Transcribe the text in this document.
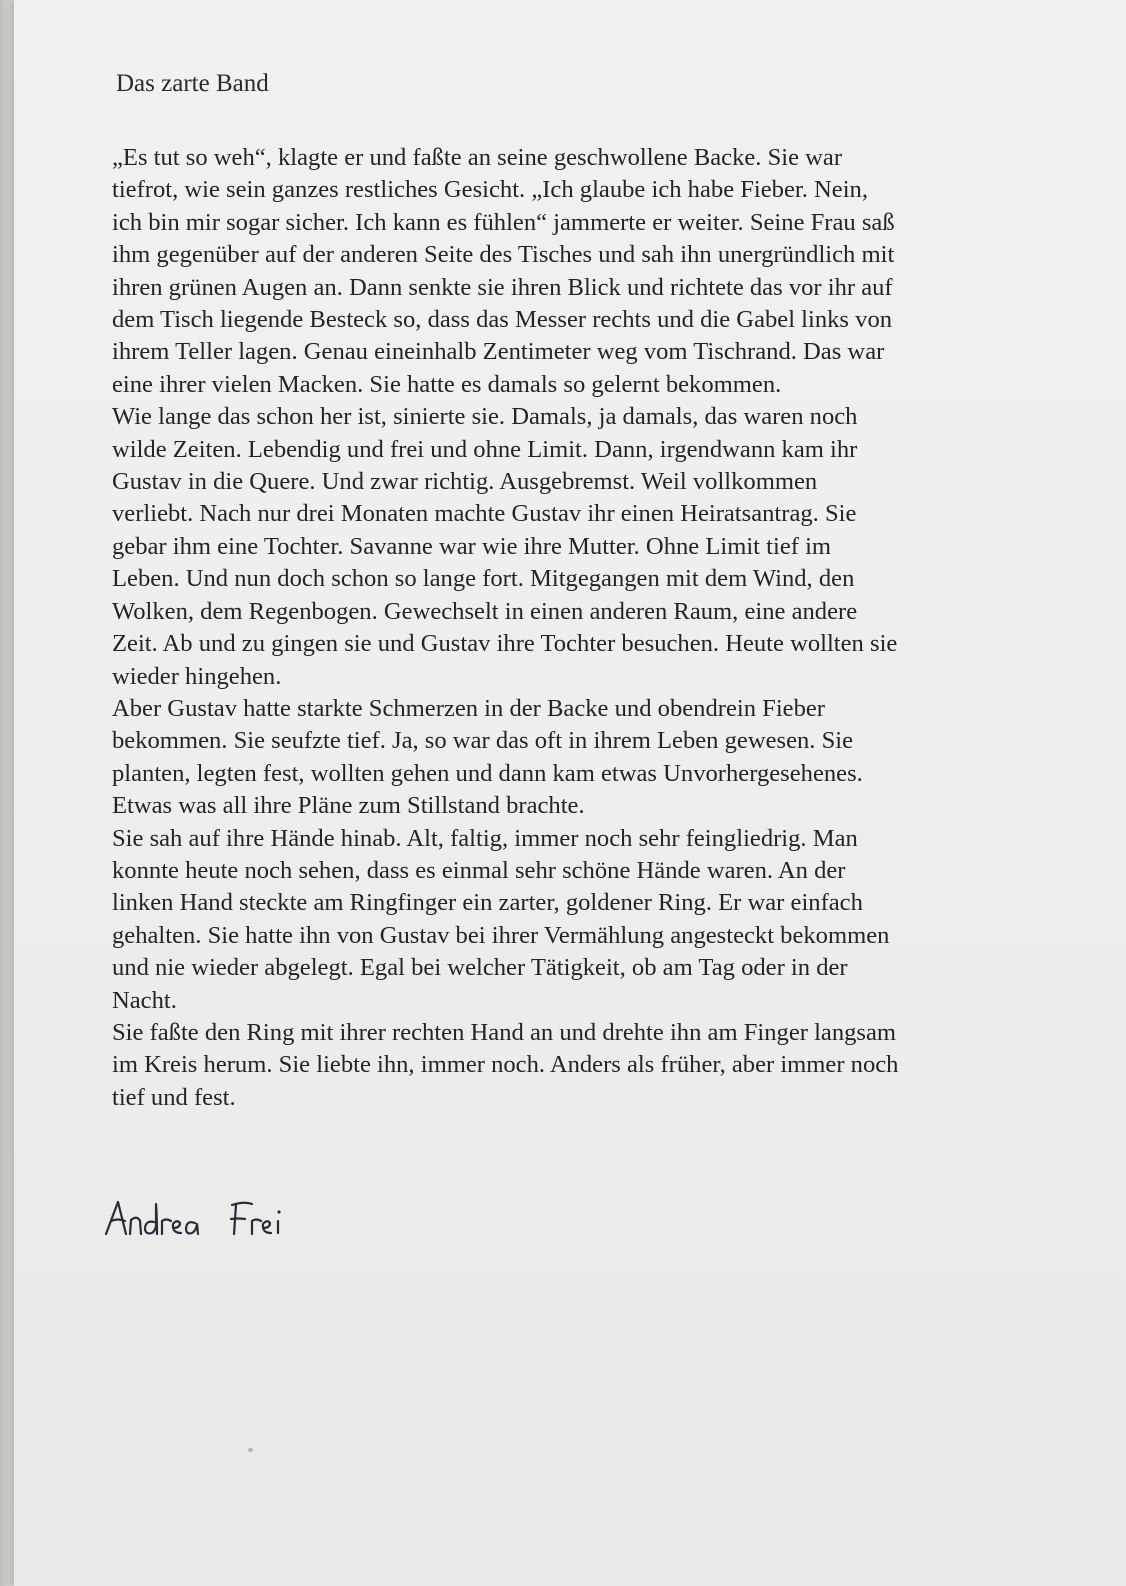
Das zarte Band
„Es tut so weh“, klagte er und faßte an seine geschwollene Backe. Sie war
tiefrot, wie sein ganzes restliches Gesicht. „Ich glaube ich habe Fieber. Nein,
ich bin mir sogar sicher. Ich kann es fühlen“ jammerte er weiter. Seine Frau saß
ihm gegenüber auf der anderen Seite des Tisches und sah ihn unergründlich mit
ihren grünen Augen an. Dann senkte sie ihren Blick und richtete das vor ihr auf
dem Tisch liegende Besteck so, dass das Messer rechts und die Gabel links von
ihrem Teller lagen. Genau eineinhalb Zentimeter weg vom Tischrand. Das war
eine ihrer vielen Macken. Sie hatte es damals so gelernt bekommen.
Wie lange das schon her ist, sinierte sie. Damals, ja damals, das waren noch
wilde Zeiten. Lebendig und frei und ohne Limit. Dann, irgendwann kam ihr
Gustav in die Quere. Und zwar richtig. Ausgebremst. Weil vollkommen
verliebt. Nach nur drei Monaten machte Gustav ihr einen Heiratsantrag. Sie
gebar ihm eine Tochter. Savanne war wie ihre Mutter. Ohne Limit tief im
Leben. Und nun doch schon so lange fort. Mitgegangen mit dem Wind, den
Wolken, dem Regenbogen. Gewechselt in einen anderen Raum, eine andere
Zeit. Ab und zu gingen sie und Gustav ihre Tochter besuchen. Heute wollten sie
wieder hingehen.
Aber Gustav hatte starkte Schmerzen in der Backe und obendrein Fieber
bekommen. Sie seufzte tief. Ja, so war das oft in ihrem Leben gewesen. Sie
planten, legten fest, wollten gehen und dann kam etwas Unvorhergesehenes.
Etwas was all ihre Pläne zum Stillstand brachte.
Sie sah auf ihre Hände hinab. Alt, faltig, immer noch sehr feingliedrig. Man
konnte heute noch sehen, dass es einmal sehr schöne Hände waren. An der
linken Hand steckte am Ringfinger ein zarter, goldener Ring. Er war einfach
gehalten. Sie hatte ihn von Gustav bei ihrer Vermählung angesteckt bekommen
und nie wieder abgelegt. Egal bei welcher Tätigkeit, ob am Tag oder in der
Nacht.
Sie faßte den Ring mit ihrer rechten Hand an und drehte ihn am Finger langsam
im Kreis herum. Sie liebte ihn, immer noch. Anders als früher, aber immer noch
tief und fest.
